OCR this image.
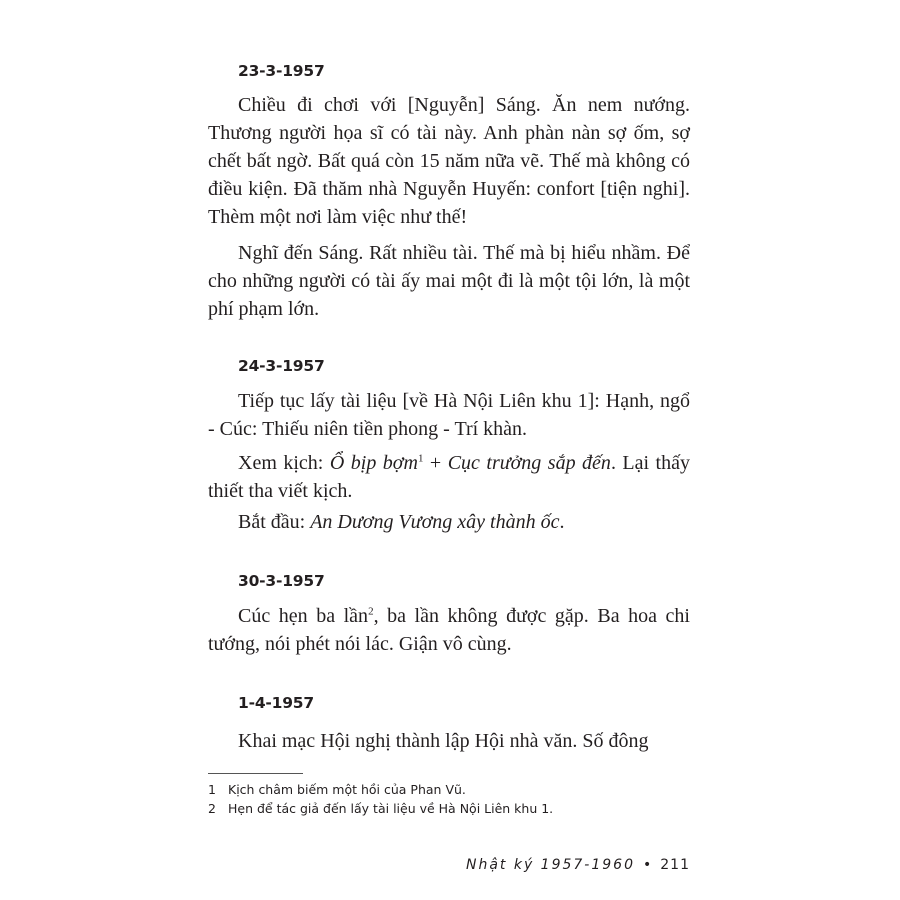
23-3-1957

Chiều đi chơi với [Nguyễn] Sáng. Ăn nem nướng. Thương người họa sĩ có tài này. Anh phàn nàn sợ ốm, sợ chết bất ngờ. Bất quá còn 15 năm nữa vẽ. Thế mà không có điều kiện. Đã thăm nhà Nguyễn Huyến: confort [tiện nghi]. Thèm một nơi làm việc như thế!

Nghĩ đến Sáng. Rất nhiều tài. Thế mà bị hiểu nhầm. Để cho những người có tài ấy mai một đi là một tội lớn, là một phí phạm lớn.

24-3-1957

Tiếp tục lấy tài liệu [về Hà Nội Liên khu 1]: Hạnh, ngổ - Cúc: Thiếu niên tiền phong - Trí khàn.

Xem kịch: Ổ bịp bợm$^1$ + Cục trưởng sắp đến. Lại thấy thiết tha viết kịch.

Bắt đầu: An Dương Vương xây thành ốc.

30-3-1957

Cúc hẹn ba lần$^2$, ba lần không được gặp. Ba hoa chi tướng, nói phét nói lác. Giận vô cùng.

1-4-1957

Khai mạc Hội nghị thành lập Hội nhà văn. Số đông

1 Kịch châm biếm một hồi của Phan Vũ.
2 Hẹn để tác giả đến lấy tài liệu về Hà Nội Liên khu 1.
Nhật ký 1957-1960 • 211
